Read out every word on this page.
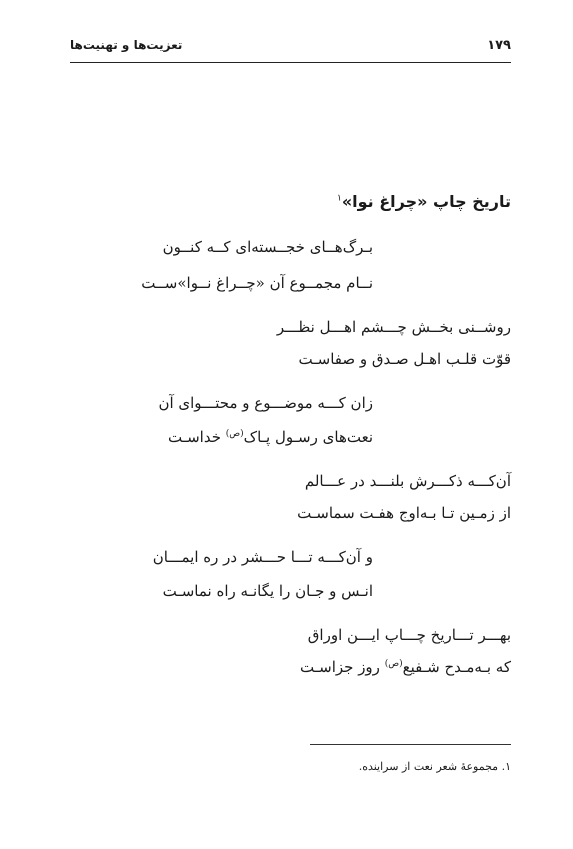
۱۷۹
تعزیت‌ها و تهنیت‌ها
تاریخ چاپ «چراغ نوا»$^۱$
بـرگ‌هــای خجــسته‌ای کــه کنــون
نــام مجمــوع آن «چــراغ نــوا»ســت
روشــنی بخــش چـــشم اهـــل نظـــر
قوّت قلـب اهـل صـدق و صفاسـت
زان کـــه موضـــوع و محتـــوای آن
نعت‌های رسـول پـاک$^{(ص)}$ خداسـت
آن‌کـــه ذکـــرش بلنـــد در عـــالم
از زمـین تـا بـه‌اوج هفـت سماسـت
و آن‌کـــه تـــا حـــشر در ره ایمـــان
انـس و جـان را یگانـه راه نماسـت
بهـــر تـــاریخ چـــاپ ایـــن اوراق
که بـه‌مـدح شـفیع$^{(ص)}$ روز جزاسـت
۱. مجموعهٔ شعر نعت از سراینده.
